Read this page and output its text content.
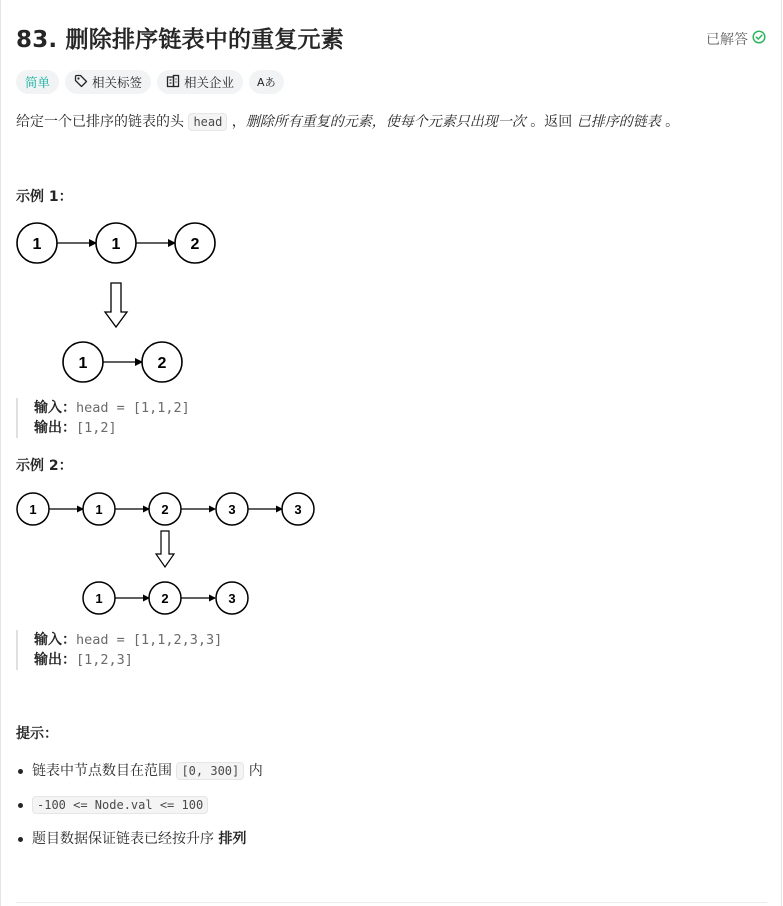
83. 删除排序链表中的重复元素	已解答
简单	相关标签	相关企业 Aあ
给定一个已排序的链表的头 head ，删除所有重复的元素，使每个元素只出现一次 。返回 已排序的链表 。
示例 1：
1	1	2
1	2
输入：head = [1,1,2]
输出：[1,2]
示例 2：
1	1	2	3	3
1	2	3
输入：head = [1,1,2,3,3]
输出：[1,2,3]
提示：
链表中节点数目在范围 [0, 300] 内
-100 <= Node.val <= 100
题目数据保证链表已经按升序 排列
